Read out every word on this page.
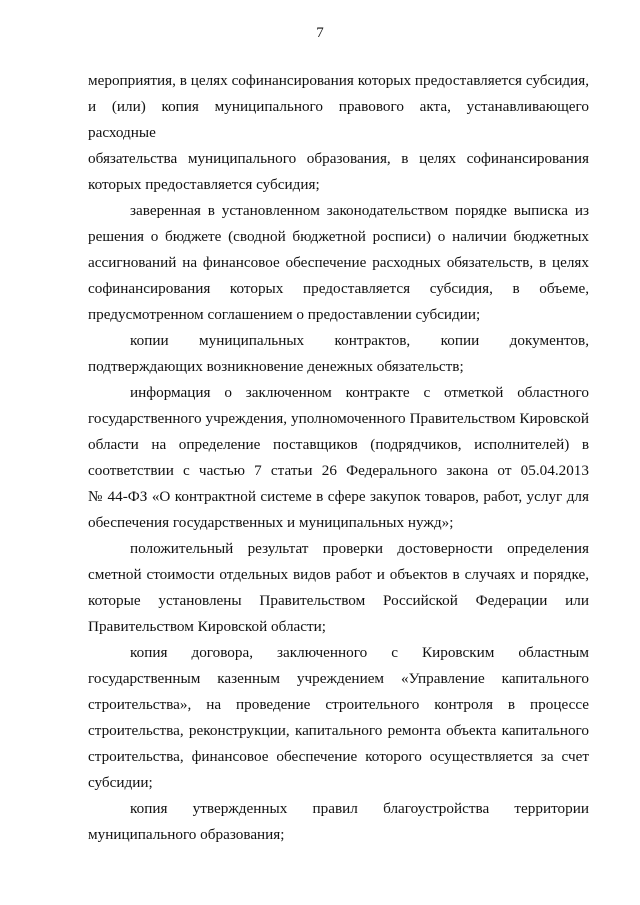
7
мероприятия, в целях софинансирования которых предоставляется субсидия,
и (или) копия муниципального правового акта, устанавливающего расходные
обязательства муниципального образования, в целях софинансирования
которых предоставляется субсидия;
заверенная в установленном законодательством порядке выписка из
решения о бюджете (сводной бюджетной росписи) о наличии бюджетных
ассигнований на финансовое обеспечение расходных обязательств, в целях
софинансирования которых предоставляется субсидия, в объеме,
предусмотренном соглашением о предоставлении субсидии;
копии муниципальных контрактов, копии документов,
подтверждающих возникновение денежных обязательств;
информация о заключенном контракте с отметкой областного
государственного учреждения, уполномоченного Правительством Кировской
области на определение поставщиков (подрядчиков, исполнителей) в
соответствии с частью 7 статьи 26 Федерального закона от 05.04.2013
№ 44-ФЗ «О контрактной системе в сфере закупок товаров, работ, услуг для
обеспечения государственных и муниципальных нужд»;
положительный результат проверки достоверности определения
сметной стоимости отдельных видов работ и объектов в случаях и порядке,
которые установлены Правительством Российской Федерации или
Правительством Кировской области;
копия договора, заключенного с Кировским областным
государственным казенным учреждением «Управление капитального
строительства», на проведение строительного контроля в процессе
строительства, реконструкции, капитального ремонта объекта капитального
строительства, финансовое обеспечение которого осуществляется за счет
субсидии;
копия утвержденных правил благоустройства территории
муниципального образования;
